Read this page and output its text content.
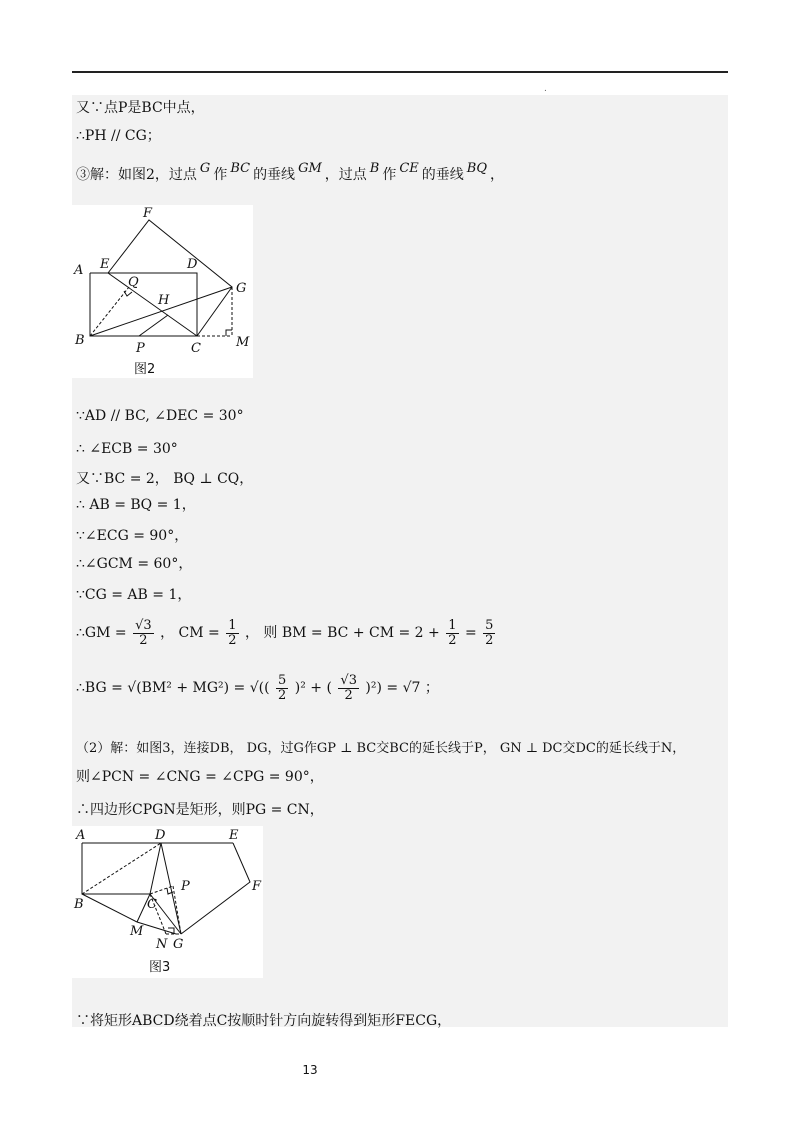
.
又∵点P是BC中点，
∴PH // CG；
③解：如图2，过点 G 作 BC 的垂线 GM ，过点 B 作 CE 的垂线 BQ ，
F
A E	D
Q	G
H
B
P	C	M
图2
∵AD // BC, ∠DEC = 30°
∴ ∠ECB = 30°
又∵BC = 2， BQ ⊥ CQ，
∴ AB = BQ = 1，
∵∠ECG = 90°，
∴∠GCM = 60°，
∵CG = AB = 1，
∴GM = $\frac{√3}{2}$ ， CM = $\frac{1}{2}$ ， 则 BM = BC + CM = $2 + \frac{1}{2} = \frac{5}{2}$
∴BG = √(BM² + MG²) = √(( $\frac{5}{2} )^2$ + ( $\frac{√3}{2} )^2) = √7$ ；
（2）解：如图3，连接DB， DG，过G作GP ⊥ BC交BC的延长线于P， GN ⊥ DC交DC的延长线于N，
则∠PCN = ∠CNG = ∠CPG = 90°，
∴四边形CPGN是矩形，则PG = CN，
A	D	E
P	F
B	C
M
N G
图3
∵将矩形ABCD绕着点C按顺时针方向旋转得到矩形FECG，
13
